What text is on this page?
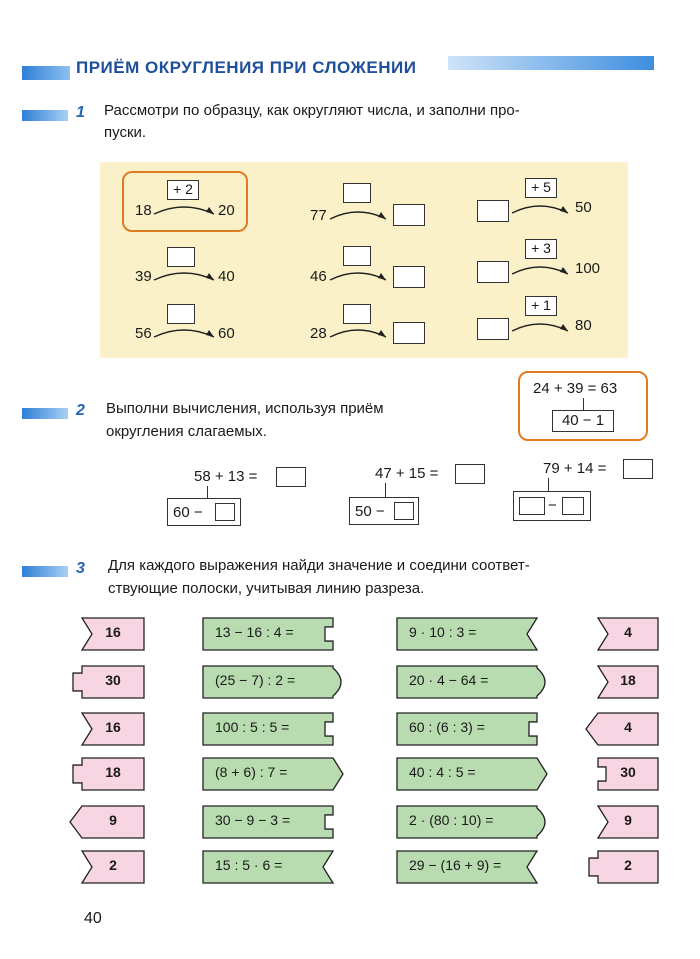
ПРИЁМ ОКРУГЛЕНИЯ ПРИ СЛОЖЕНИИ
1 Рассмотри по образцу, как округляют числа, и заполни про-
пуски.
+ 2
18	20
39	40
56	60
77
46
28
+ 5
50
+ 3
100
+ 1
80
2 Выполни вычисления, используя приём
округления слагаемых.
24 + 39 = 63
40 − 1
58 + 13 =
60 −
47 + 15 =
50 −
79 + 14 =
−
3 Для каждого выражения найди значение и соедини соответ-
ствующие полоски, учитывая линию разреза.
16	13 − 16 : 4 =	9 · 10 : 3 =	4
30	(25 − 7) : 2 =	20 · 4 − 64 =	18
16	100 : 5 : 5 =	60 : (6 : 3) =	4
18	(8 + 6) : 7 =	40 : 4 : 5 =	30
9	30 − 9 − 3 =	2 · (80 : 10) =	9
2	15 : 5 · 6 =	29 − (16 + 9) =	2
40
